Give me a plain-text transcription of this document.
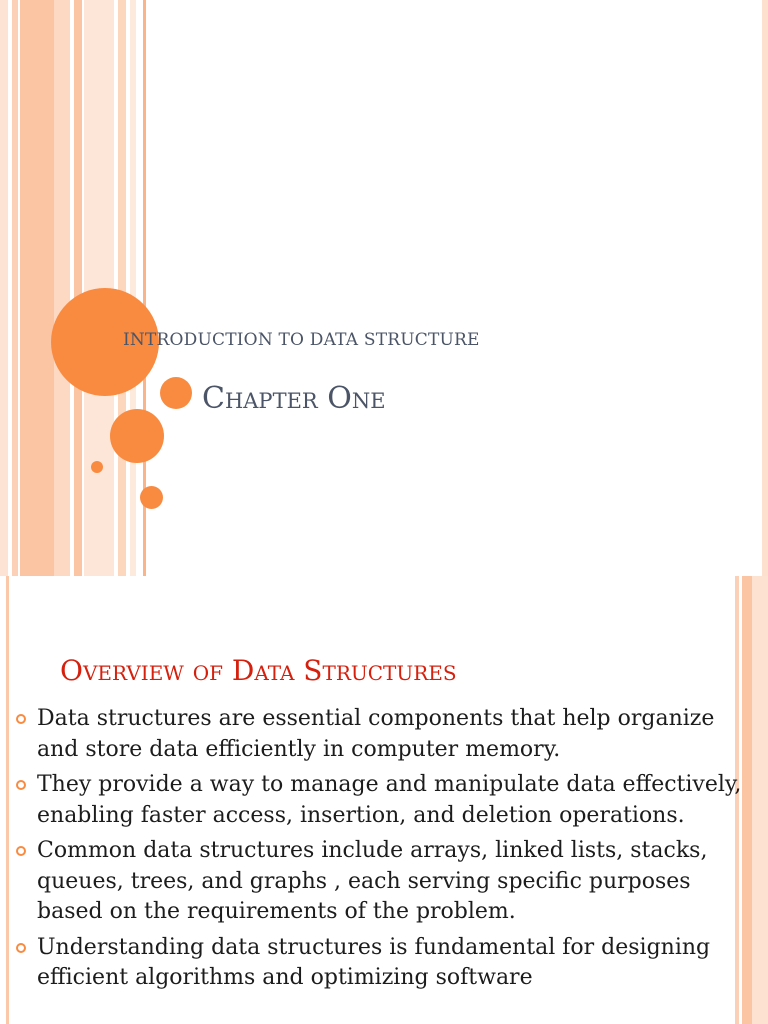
INTRODUCTION TO DATA STRUCTURE
Chapter One
Overview of Data Structures
Data structures are essential components that help organize and store data efficiently in computer memory.
They provide a way to manage and manipulate data effectively, enabling faster access, insertion, and deletion operations.
Common data structures include arrays, linked lists, stacks, queues, trees, and graphs , each serving specific purposes based on the requirements of the problem.
Understanding data structures is fundamental for designing efficient algorithms and optimizing software
